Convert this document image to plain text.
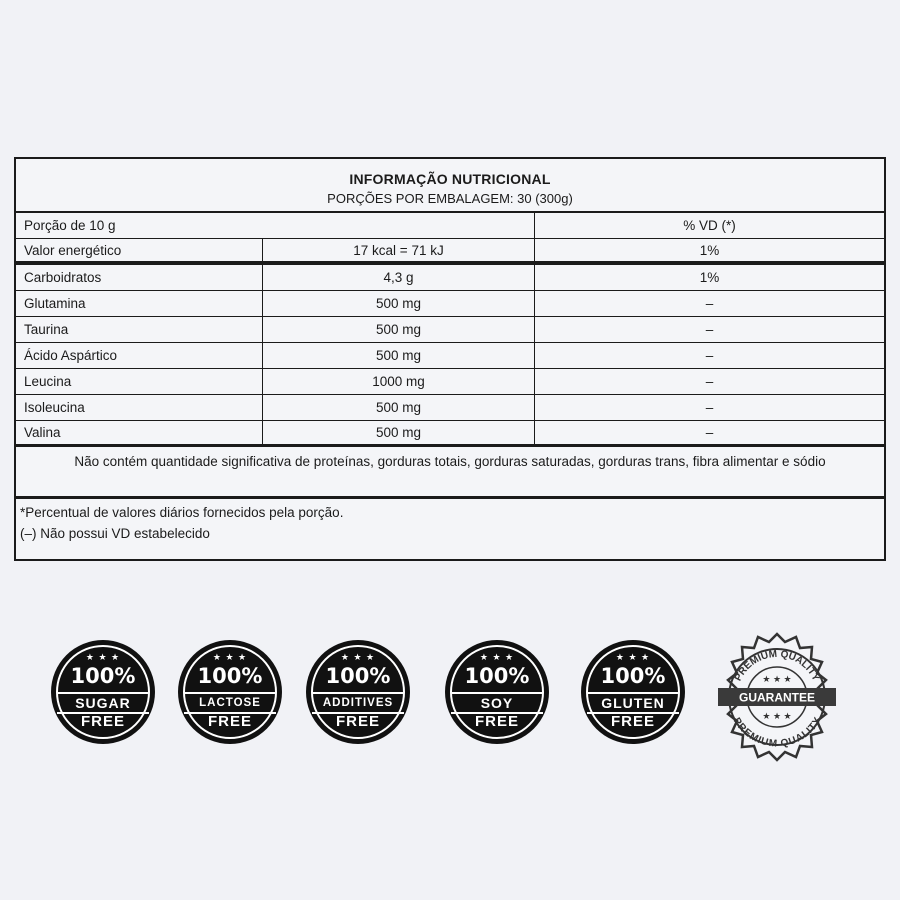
INFORMAÇÃO NUTRICIONAL
PORÇÕES POR EMBALAGEM: 30 (300g)
Porção de 10 g	% VD (*)
Valor energético	17 kcal = 71 kJ	1%
Carboidratos	4,3 g	1%
Glutamina	500 mg	–
Taurina	500 mg	–
Ácido Aspártico	500 mg	–
Leucina	1000 mg	–
Isoleucina	500 mg	–
Valina	500 mg	–
Não contém quantidade significativa de proteínas, gorduras totais, gorduras saturadas, gorduras trans, fibra alimentar e sódio
*Percentual de valores diários fornecidos pela porção.
(–) Não possui VD estabelecido
★ ★ ★
100%
SUGAR
FREE
★ ★ ★
100%
LACTOSE
FREE
★ ★ ★
100%
ADDITIVES
FREE
★ ★ ★
100%
SOY
FREE
★ ★ ★
100%
GLUTEN
FREE
PREMIUM QUALITY
GUARANTEE
★ ★ ★
★ ★ ★
PREMIUM QUALITY
